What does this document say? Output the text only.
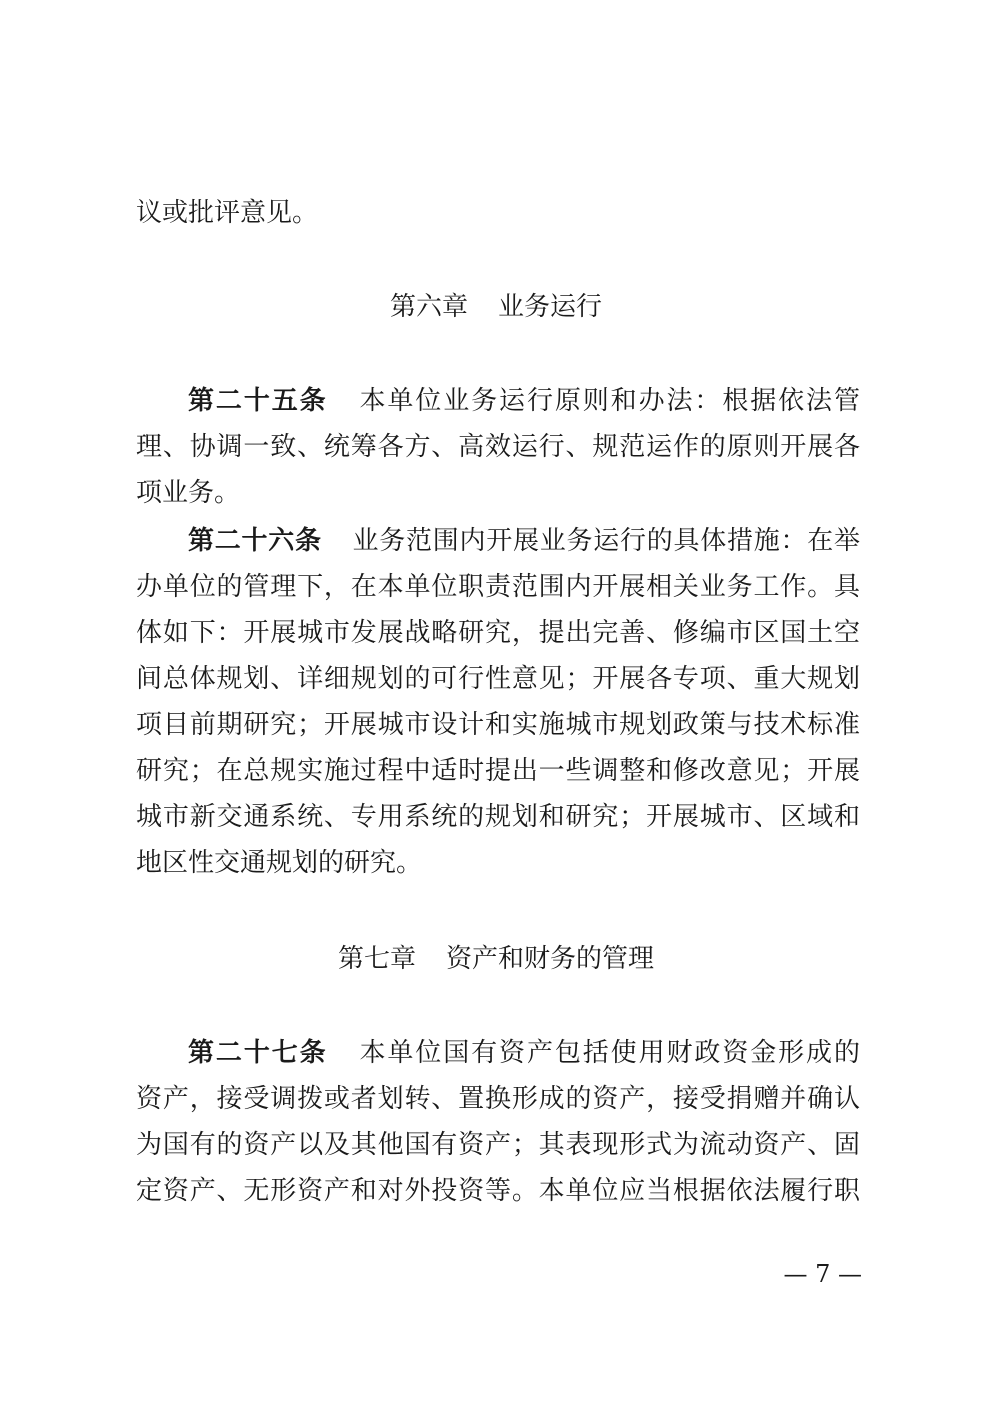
议或批评意见。
第六章 业务运行
第二十五条 本单位业务运行原则和办法：根据依法管
理、协调一致、统筹各方、高效运行、规范运作的原则开展各
项业务。
第二十六条 业务范围内开展业务运行的具体措施：在举
办单位的管理下，在本单位职责范围内开展相关业务工作。具
体如下：开展城市发展战略研究，提出完善、修编市区国土空
间总体规划、详细规划的可行性意见；开展各专项、重大规划
项目前期研究；开展城市设计和实施城市规划政策与技术标准
研究；在总规实施过程中适时提出一些调整和修改意见；开展
城市新交通系统、专用系统的规划和研究；开展城市、区域和
地区性交通规划的研究。
第七章 资产和财务的管理
第二十七条 本单位国有资产包括使用财政资金形成的
资产，接受调拨或者划转、置换形成的资产，接受捐赠并确认
为国有的资产以及其他国有资产；其表现形式为流动资产、固
定资产、无形资产和对外投资等。本单位应当根据依法履行职
— 7 —
